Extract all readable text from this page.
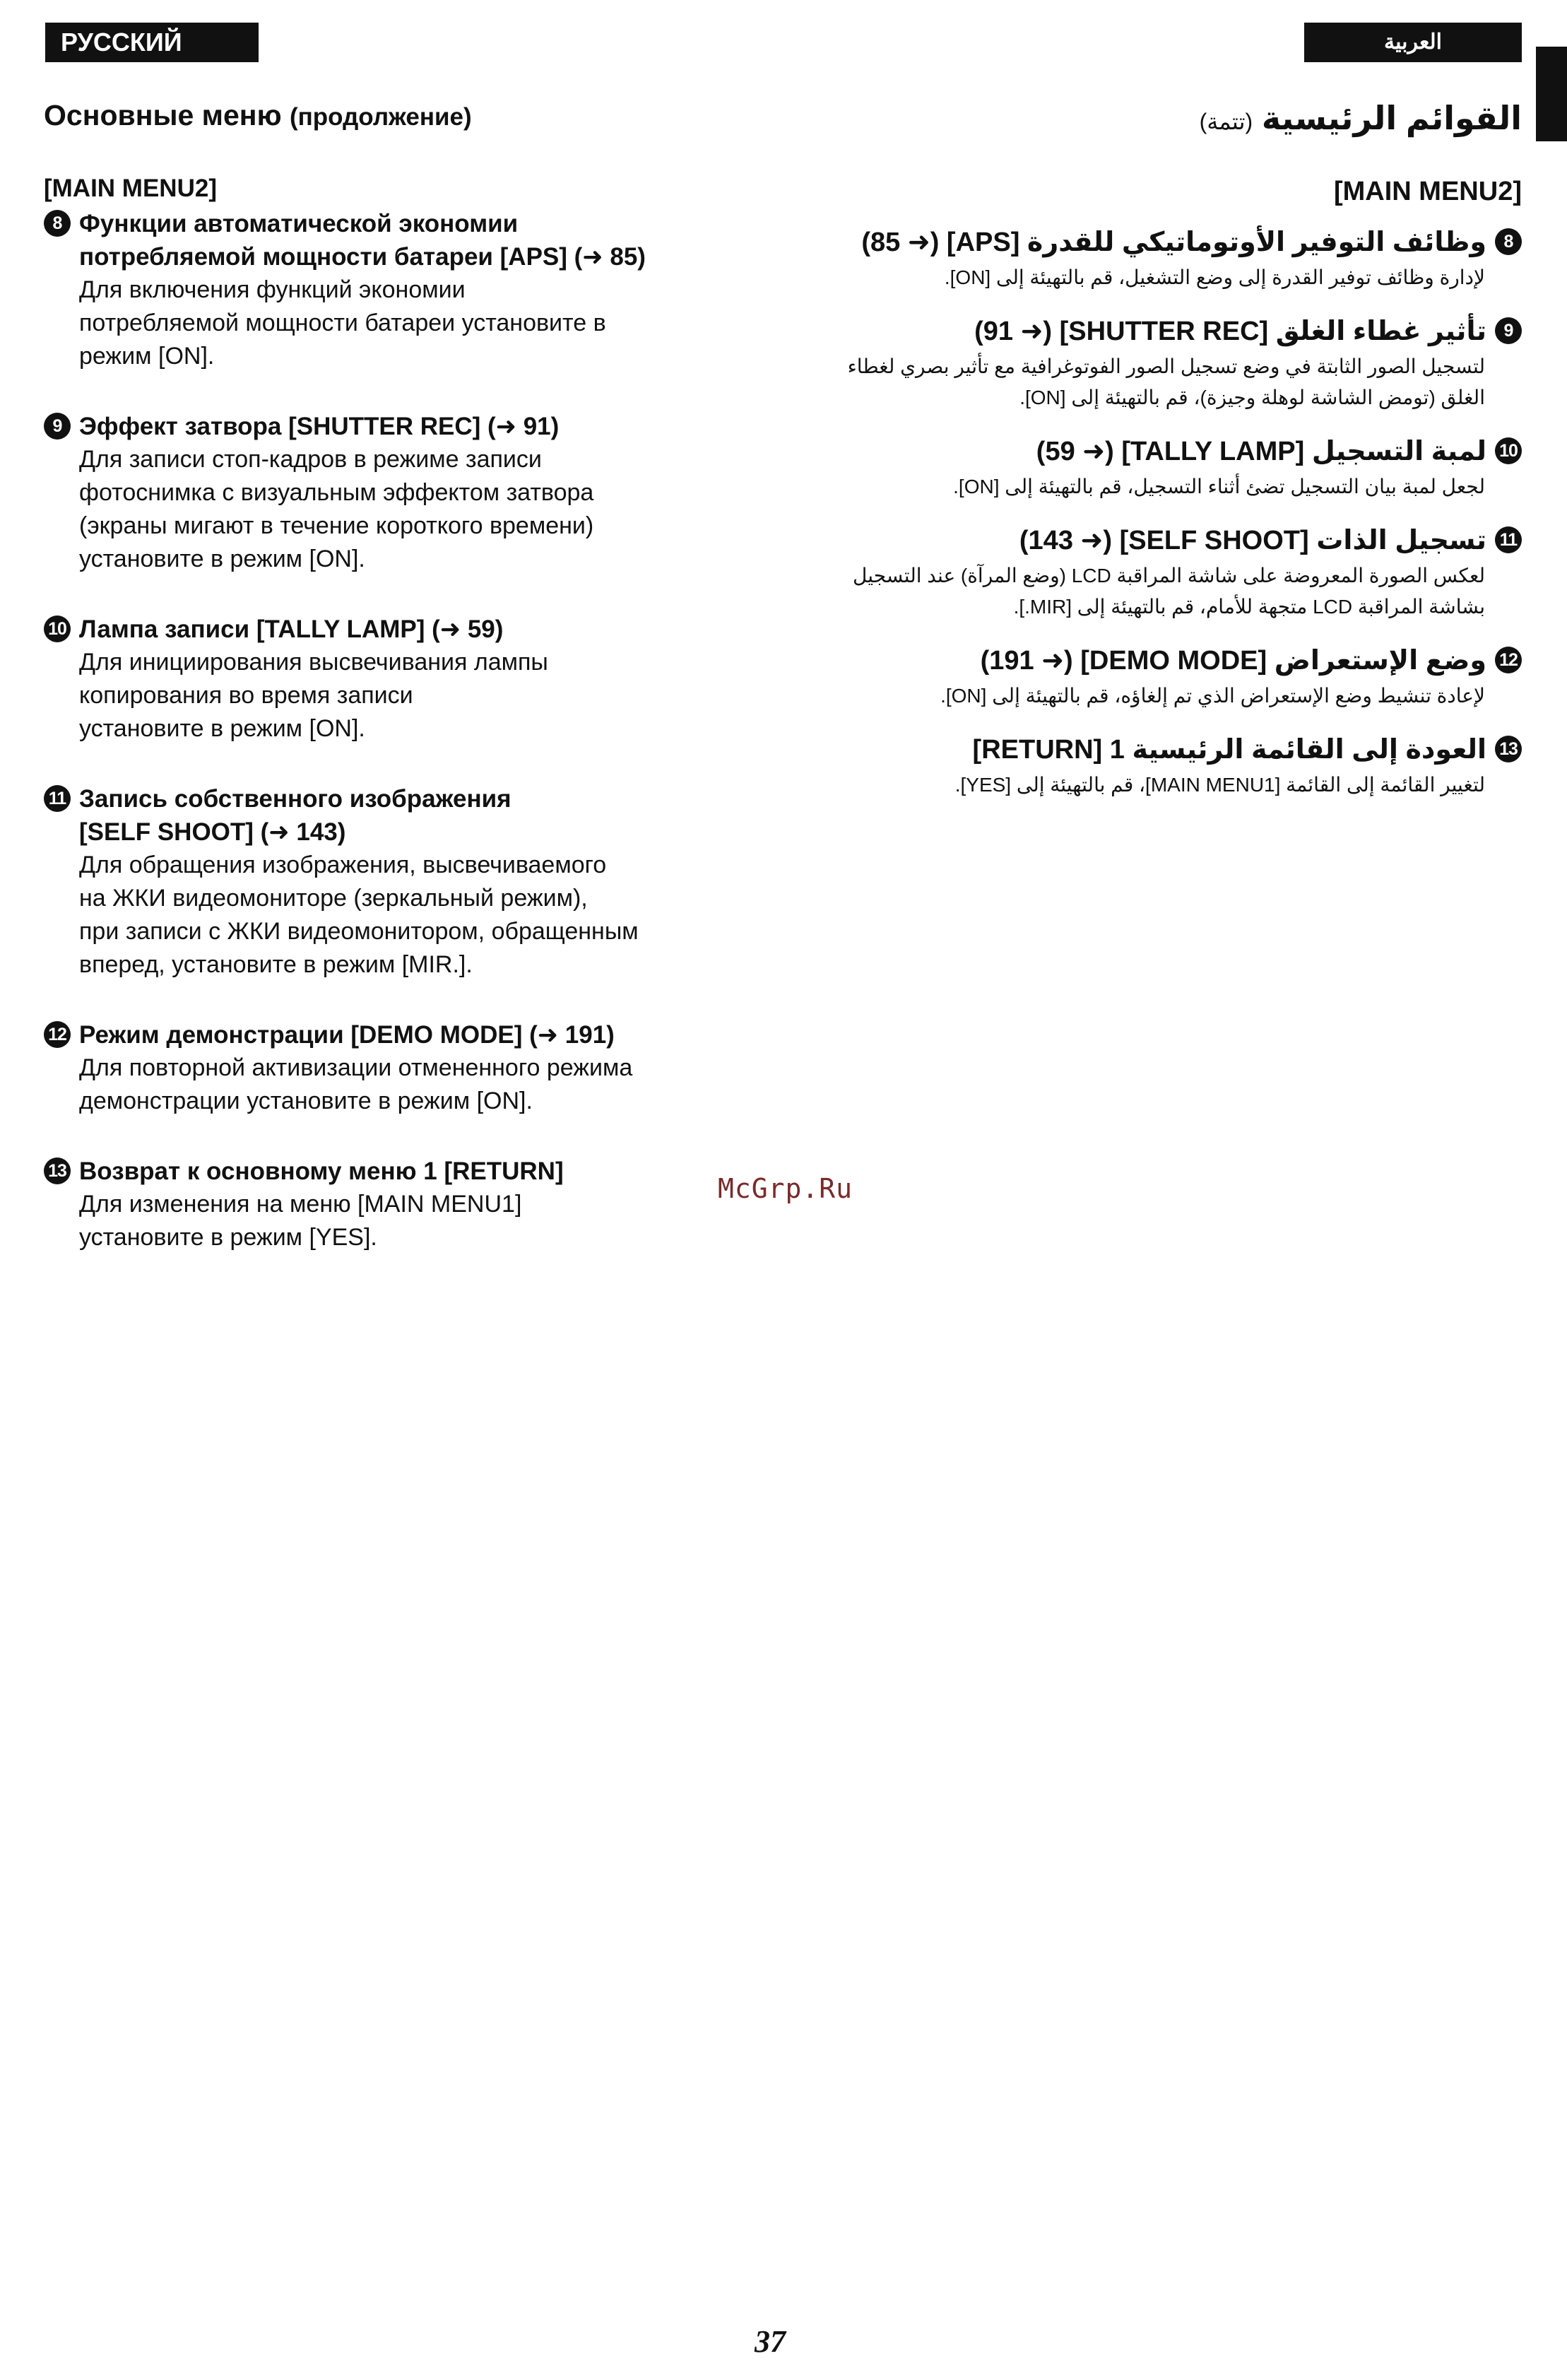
РУССКИЙ ЯЗЫК
العربية
Основные меню (продолжение)
[MAIN MENU2]
8 Функции автоматической экономии
потребляемой мощности батареи [APS] (➜ 85)
Для включения функций экономии
потребляемой мощности батареи установите в
режим [ON].
9 Эффект затвора [SHUTTER REC] (➜ 91)
Для записи стоп-кадров в режиме записи
фотоснимка с визуальным эффектом затвора
(экраны мигают в течение короткого времени)
установите в режим [ON].
10 Лампа записи [TALLY LAMP] (➜ 59)
Для инициирования высвечивания лампы
копирования во время записи
установите в режим [ON].
11 Запись собственного изображения
[SELF SHOOT] (➜ 143)
Для обращения изображения, высвечиваемого
на ЖКИ видеомониторе (зеркальный режим),
при записи с ЖКИ видеомонитором, обращенным
вперед, установите в режим [MIR.].
12 Режим демонстрации [DEMO MODE] (➜ 191)
Для повторной активизации отмененного режима
демонстрации установите в режим [ON].
13 Возврат к основному меню 1 [RETURN]
Для изменения на меню [MAIN MENU1]
установите в режим [YES].
القوائم الرئيسية (تتمة)
[MAIN MENU2]
8
وظائف التوفير الأوتوماتيكي للقدرة [APS] (➜ 85)
لإدارة وظائف توفير القدرة إلى وضع التشغيل، قم بالتهيئة إلى [ON].
9
تأثير غطاء الغلق [SHUTTER REC] (➜ 91)
لتسجيل الصور الثابتة في وضع تسجيل الصور الفوتوغرافية مع تأثير بصري لغطاء
الغلق (تومض الشاشة لوهلة وجيزة)، قم بالتهيئة إلى [ON].
10
لمبة التسجيل [TALLY LAMP] (➜ 59)
لجعل لمبة بيان التسجيل تضئ أثناء التسجيل، قم بالتهيئة إلى [ON].
11
تسجيل الذات [SELF SHOOT] (➜ 143)
لعكس الصورة المعروضة على شاشة المراقبة LCD (وضع المرآة) عند التسجيل
بشاشة المراقبة LCD متجهة للأمام، قم بالتهيئة إلى [MIR.].
12
وضع الإستعراض [DEMO MODE] (➜ 191)
لإعادة تنشيط وضع الإستعراض الذي تم إلغاؤه، قم بالتهيئة إلى [ON].
13
العودة إلى القائمة الرئيسية 1 [RETURN]
لتغيير القائمة إلى القائمة [MAIN MENU1]، قم بالتهيئة إلى [YES].
McGrp.Ru
37
